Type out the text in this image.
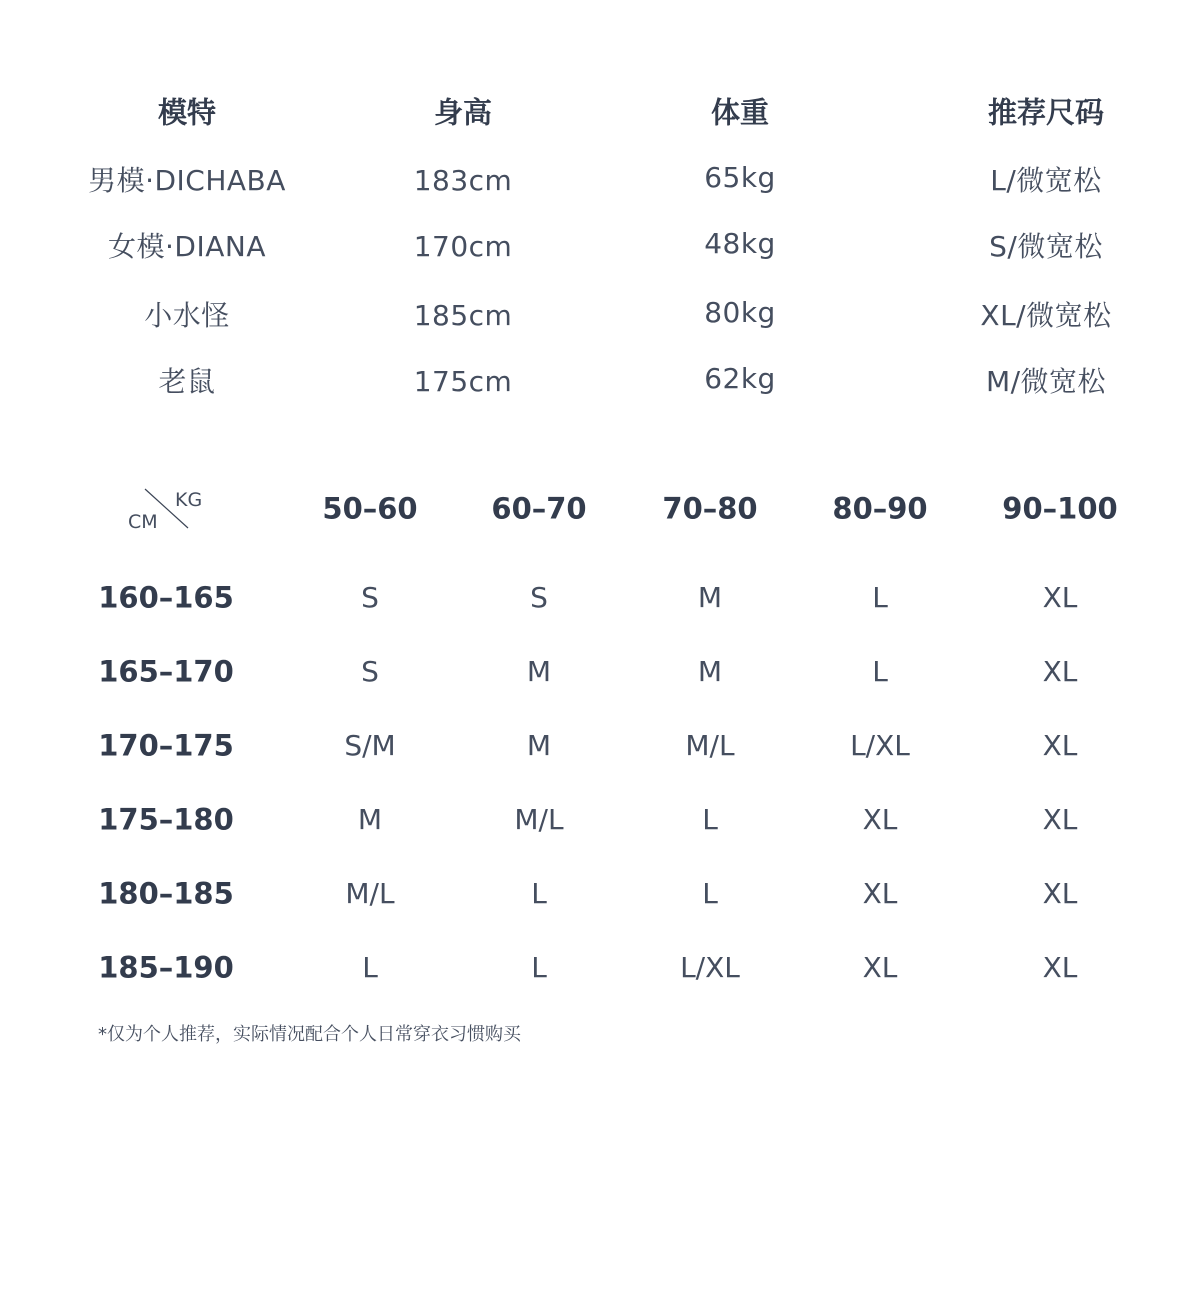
模特	身高	体重	推荐尺码
男模·DICHABA	183cm	65kg	L/微宽松
女模·DIANA	170cm	48kg	S/微宽松
小水怪	185cm	80kg	XL/微宽松
老鼠	175cm	62kg	M/微宽松
KG
CM	50–60	60–70	70–80	80–90	90–100
160–165	S	S	M	L	XL
165–170	S	M	M	L	XL
170–175	S/M	M	M/L	L/XL	XL
175–180	M	M/L	L	XL	XL
180–185	M/L	L	L	XL	XL
185–190	L	L	L/XL	XL	XL
*仅为个人推荐，实际情况配合个人日常穿衣习惯购买
